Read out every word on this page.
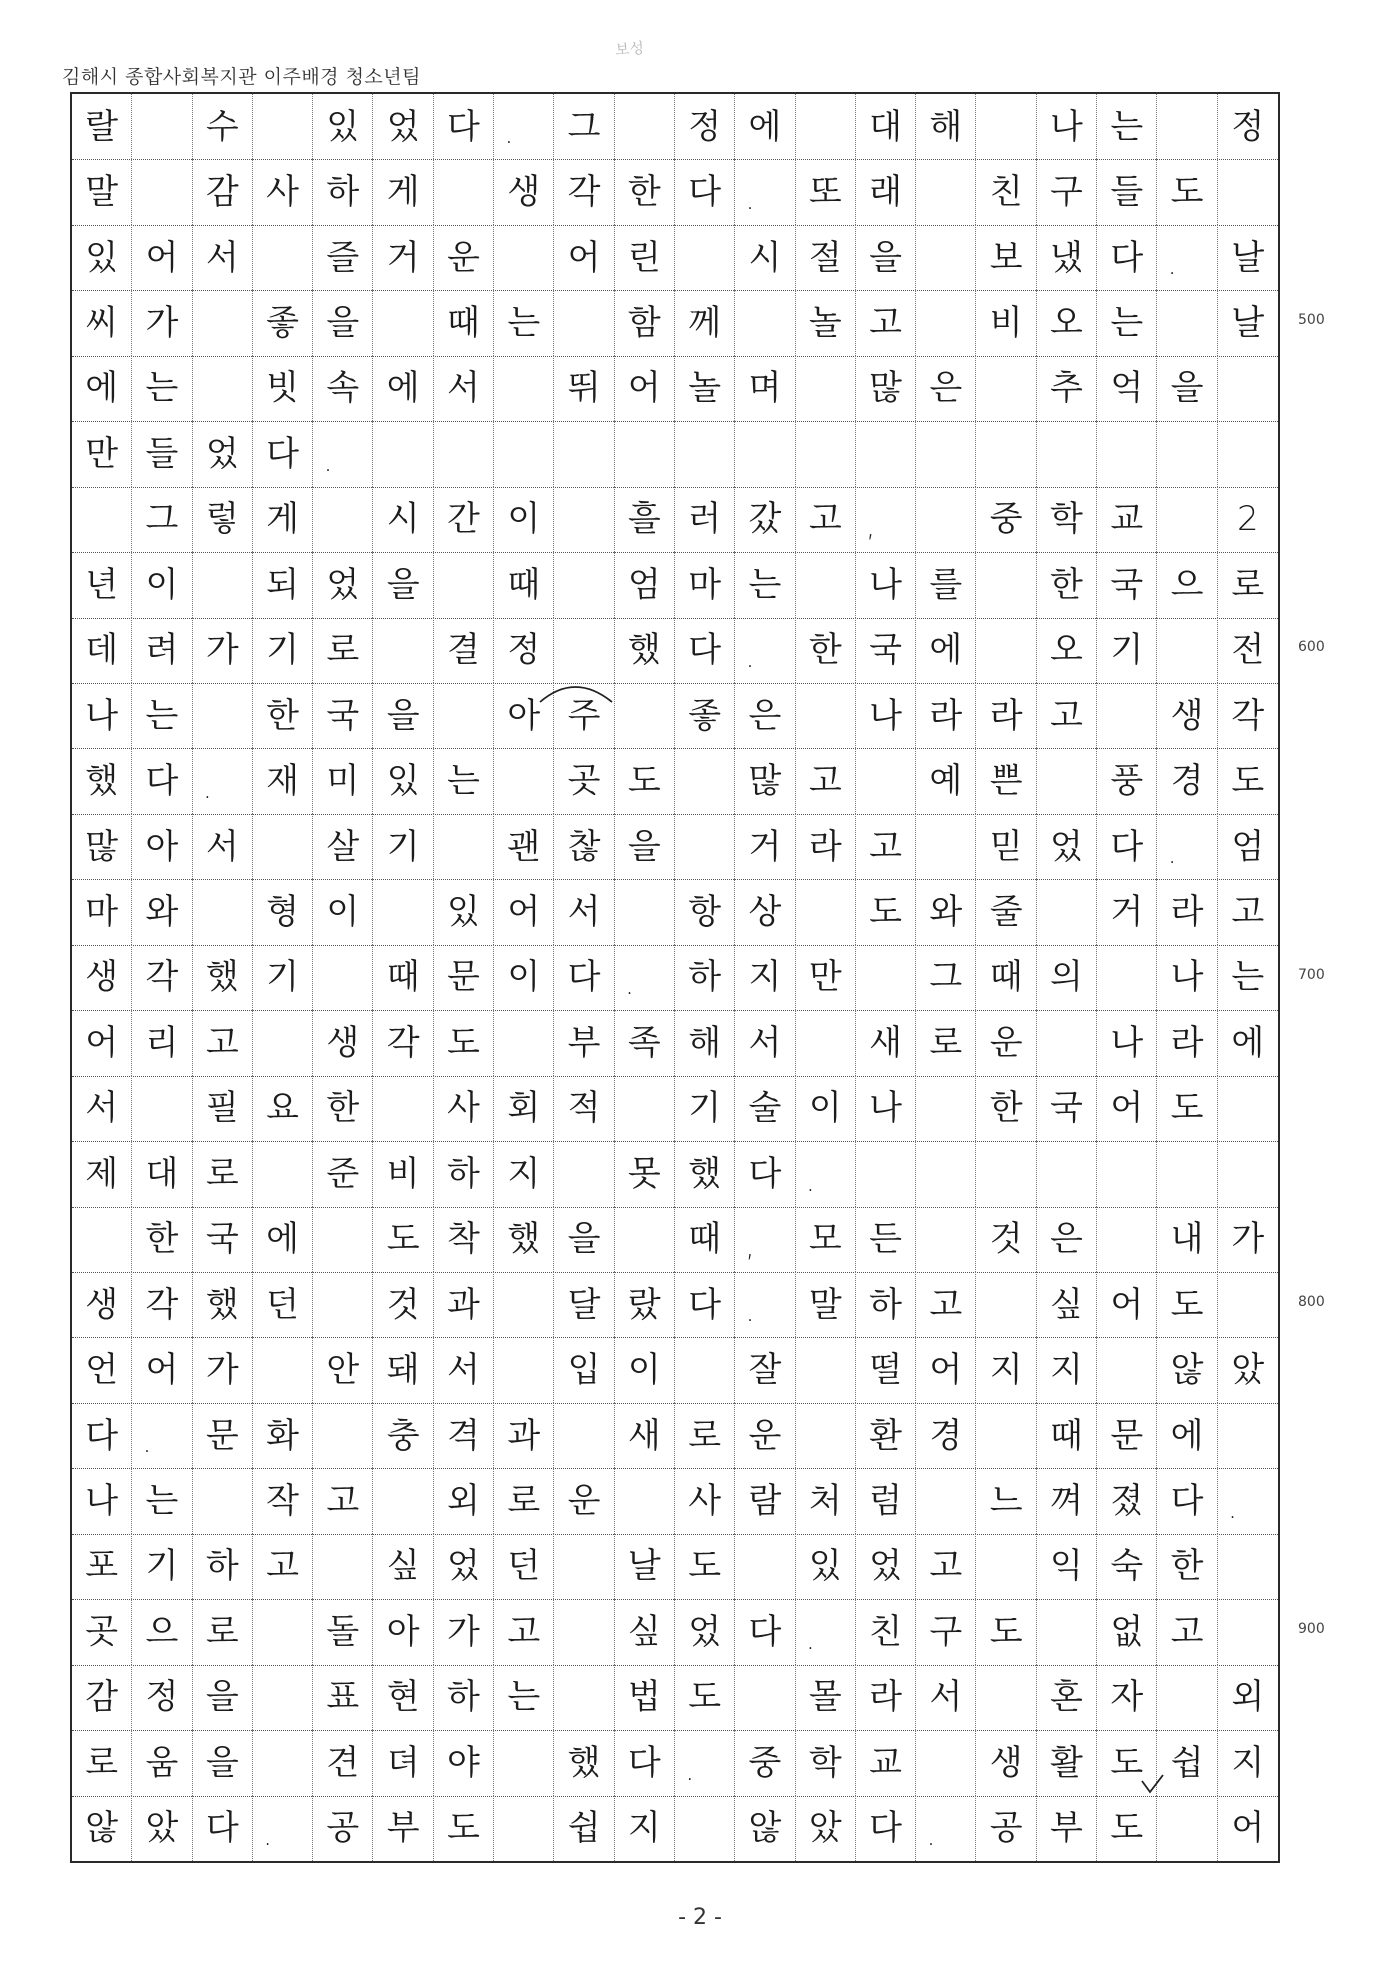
김해시 종합사회복지관 이주배경 청소년팀
보성
랄	수	있 었 다 .	그	정 에	대 해	나 는	정
말	감 사 하 게	생 각 한 다 .	또 래	친 구 들 도
있 어 서	즐 거 운	어 린	시 절 을	보 냈 다 .	날
씨 가	좋 을	때 는	함 께	놀 고	비 오 는	날
에 는	빗 속 에 서	뛰 어 놀 며	많 은	추 억 을
만 들 었 다 .
그 렇 게	시 간 이	흘 러 갔 고 ,	중 학 교	2
년 이	되 었 을	때	엄 마 는	나 를	한 국 으 로
데 려 가 기 로	결 정	했 다 .	한 국 에	오 기	전
나 는	한 국 을	아 주	좋 은	나 라 라 고	생 각
했 다 .	재 미 있 는	곳 도	많 고	예 쁜	풍 경 도
많 아 서	살 기	괜 찮 을	거 라 고	믿 었 다 .	엄
마 와	형 이	있 어 서	항 상	도 와 줄	거 라 고
생 각 했 기	때 문 이 다 .	하 지 만	그 때 의	나 는
어 리 고	생 각 도	부 족 해 서	새 로 운	나 라 에
서	필 요 한	사 회 적	기 술 이 나	한 국 어 도
제 대 로	준 비 하 지	못 했 다 .
한 국 에	도 착 했 을	때 ,	모 든	것 은	내 가
생 각 했 던	것 과	달 랐 다 .	말 하 고	싶 어 도
언 어 가	안 돼 서	입 이	잘	떨 어 지 지	않 았
다 .	문 화	충 격 과	새 로 운	환 경	때 문 에
나 는	작 고	외 로 운	사 람 처 럼	느 껴 졌 다 .
포 기 하 고	싶 었 던	날 도	있 었 고	익 숙 한
곳 으 로	돌 아 가 고	싶 었 다 .	친 구 도	없 고
감 정 을	표 현 하 는	법 도	몰 라 서	혼 자	외
로 움 을	견 뎌 야	했 다 .	중 학 교	생 활 도 쉽 지
않 았 다 .	공 부 도	쉽 지	않 았 다 .	공 부 도	어
500
600
700
800
900
- 2 -
